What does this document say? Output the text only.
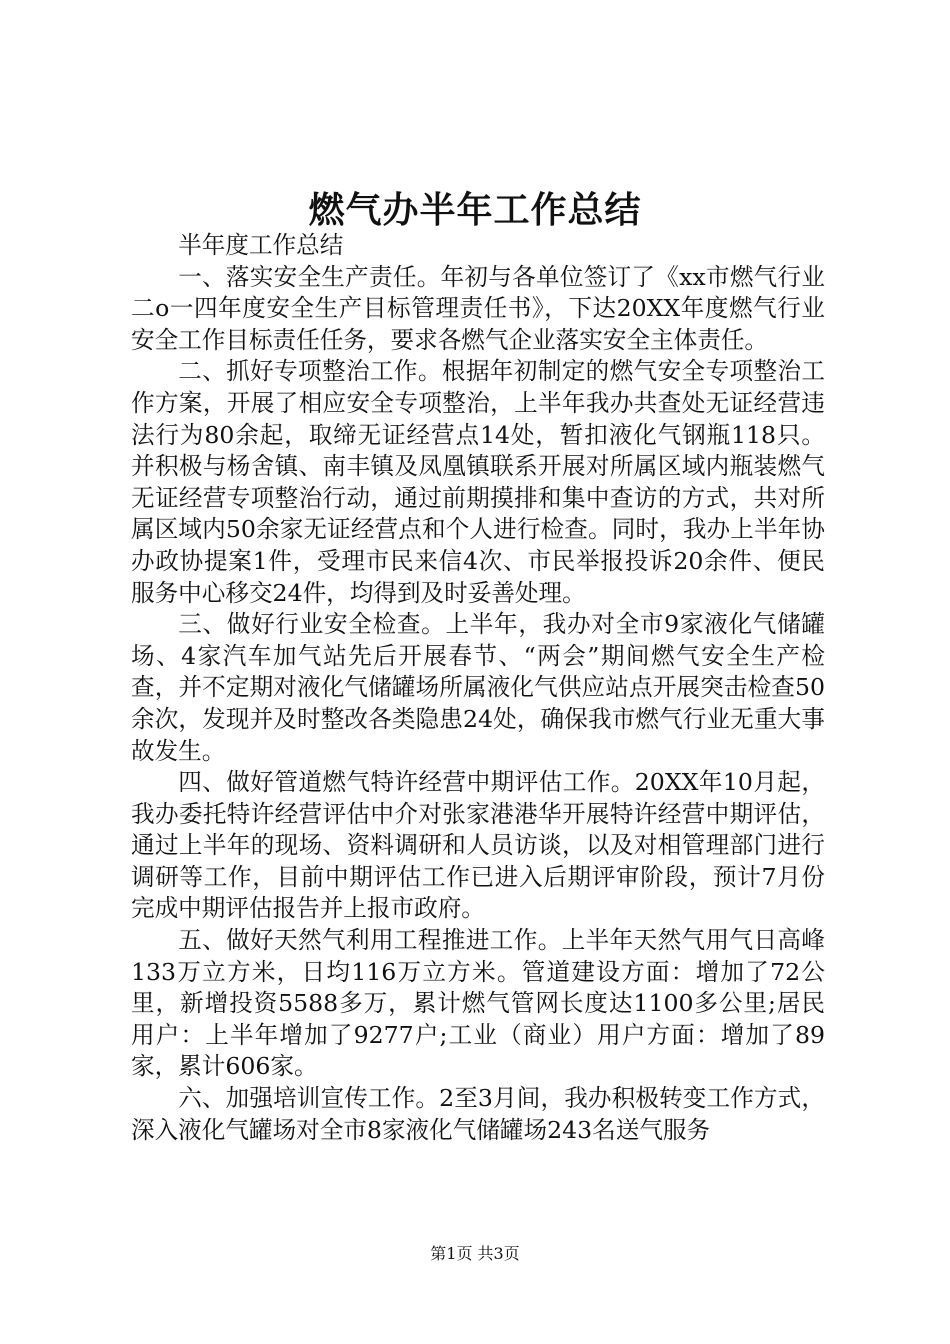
燃气办半年工作总结

半年度工作总结

一、落实安全生产责任。年初与各单位签订了《xx市燃气行业二o一四年度安全生产目标管理责任书》，下达20XX年度燃气行业安全工作目标责任任务，要求各燃气企业落实安全主体责任。

二、抓好专项整治工作。根据年初制定的燃气安全专项整治工作方案，开展了相应安全专项整治，上半年我办共查处无证经营违法行为80余起，取缔无证经营点14处，暂扣液化气钢瓶118只。并积极与杨舍镇、南丰镇及凤凰镇联系开展对所属区域内瓶装燃气无证经营专项整治行动，通过前期摸排和集中查访的方式，共对所属区域内50余家无证经营点和个人进行检查。同时，我办上半年协办政协提案1件，受理市民来信4次、市民举报投诉20余件、便民服务中心移交24件，均得到及时妥善处理。

三、做好行业安全检查。上半年，我办对全市9家液化气储罐场、4家汽车加气站先后开展春节、“两会”期间燃气安全生产检查，并不定期对液化气储罐场所属液化气供应站点开展突击检查50余次，发现并及时整改各类隐患24处，确保我市燃气行业无重大事故发生。

四、做好管道燃气特许经营中期评估工作。20XX年10月起，我办委托特许经营评估中介对张家港港华开展特许经营中期评估，通过上半年的现场、资料调研和人员访谈，以及对相管理部门进行调研等工作，目前中期评估工作已进入后期评审阶段，预计7月份完成中期评估报告并上报市政府。

五、做好天然气利用工程推进工作。上半年天然气用气日高峰133万立方米，日均116万立方米。管道建设方面：增加了72公里，新增投资5588多万，累计燃气管网长度达1100多公里;居民用户：上半年增加了9277户;工业（商业）用户方面：增加了89家，累计606家。

六、加强培训宣传工作。2至3月间，我办积极转变工作方式，深入液化气罐场对全市8家液化气储罐场243名送气服务

第1页 共3页
